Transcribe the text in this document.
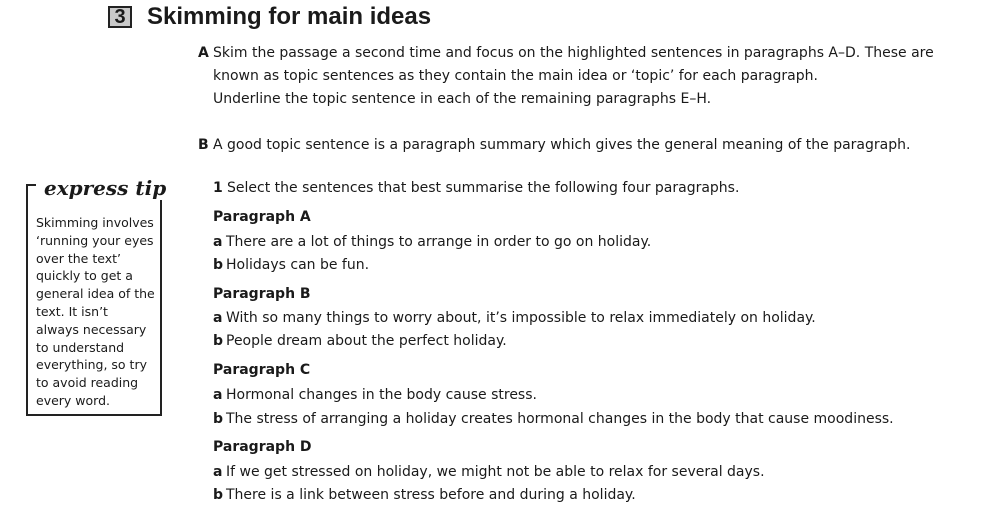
3 Skimming for main ideas
A Skim the passage a second time and focus on the highlighted sentences in paragraphs A–D. These are
known as topic sentences as they contain the main idea or ‘topic’ for each paragraph.
Underline the topic sentence in each of the remaining paragraphs E–H.
B A good topic sentence is a paragraph summary which gives the general meaning of the paragraph.
1 Select the sentences that best summarise the following four paragraphs.
Paragraph A
a There are a lot of things to arrange in order to go on holiday.
b Holidays can be fun.
Paragraph B
a With so many things to worry about, it’s impossible to relax immediately on holiday.
b People dream about the perfect holiday.
Paragraph C
a Hormonal changes in the body cause stress.
b The stress of arranging a holiday creates hormonal changes in the body that cause moodiness.
Paragraph D
a If we get stressed on holiday, we might not be able to relax for several days.
b There is a link between stress before and during a holiday.
express tip
Skimming involves
‘running your eyes
over the text’
quickly to get a
general idea of the
text. It isn’t
always necessary
to understand
everything, so try
to avoid reading
every word.
